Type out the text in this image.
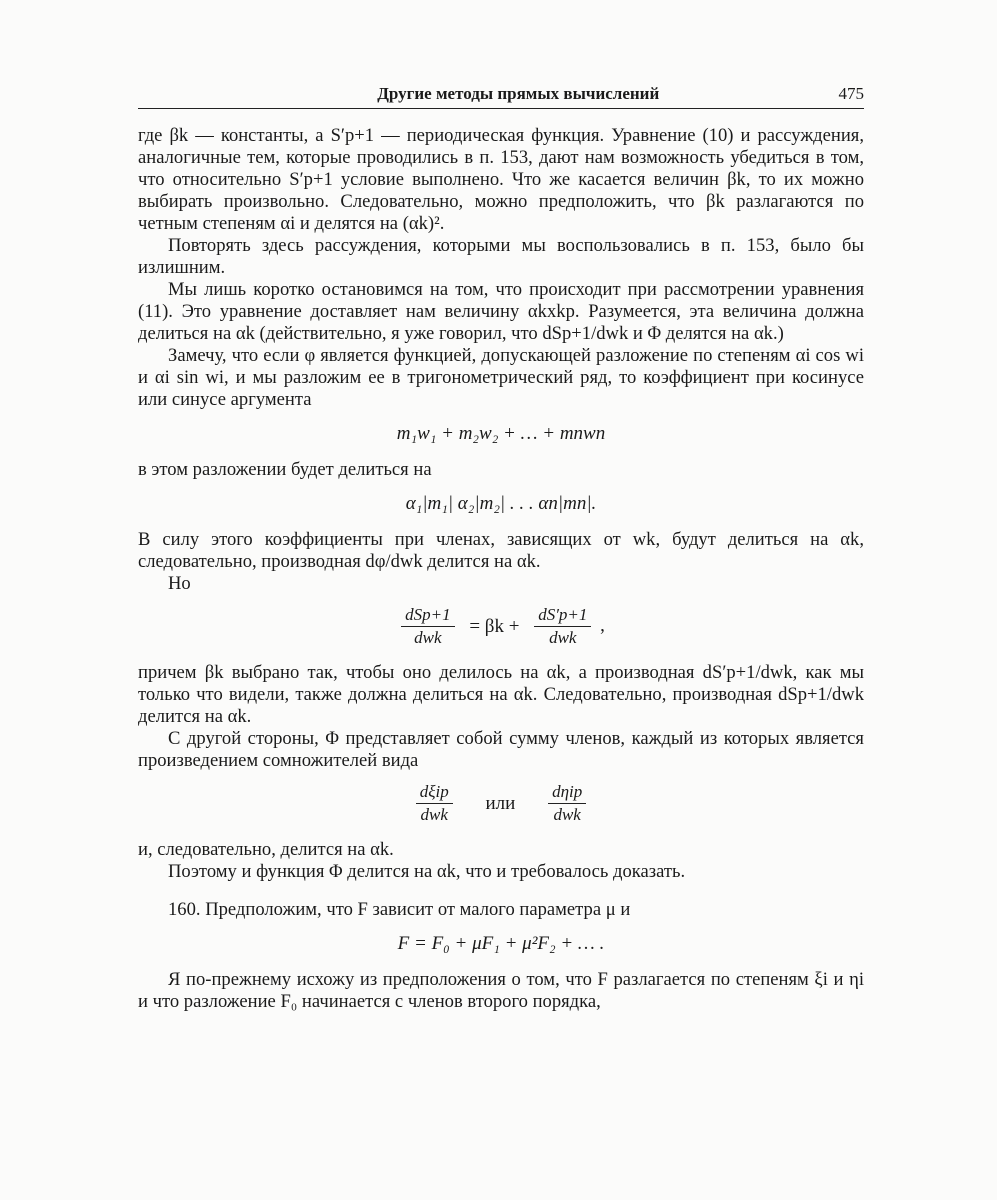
Другие методы прямых вычислений	475

где βk — константы, а S′p+1 — периодическая функция. Уравнение (10) и рассуждения, аналогичные тем, которые проводились в п. 153, дают нам возможность убедиться в том, что относительно S′p+1 условие выполнено. Что же касается величин βk, то их можно выбирать произвольно. Следовательно, можно предположить, что βk разлагаются по четным степеням αi и делятся на (αk)².

Повторять здесь рассуждения, которыми мы воспользовались в п. 153, было бы излишним.

Мы лишь коротко остановимся на том, что происходит при рассмотрении уравнения (11). Это уравнение доставляет нам величину αkxkp. Разумеется, эта величина должна делиться на αk (действительно, я уже говорил, что dSp+1/dwk и Φ делятся на αk.)

Замечу, что если φ является функцией, допускающей разложение по степеням αi cos wi и αi sin wi, и мы разложим ее в тригонометрический ряд, то коэффициент при косинусе или синусе аргумента

m₁w₁ + m₂w₂ + … + mnwn

в этом разложении будет делиться на

α₁|m₁| α₂|m₂| . . . αn|mn|.

В силу этого коэффициенты при членах, зависящих от wk, будут делиться на αk, следовательно, производная dφ/dwk делится на αk.

Но

$\frac{\text{dSp+1}}{\text{dwk}} = \beta k + \frac{dS'p+1}{\text{dwk}}$ ,

причем βk выбрано так, чтобы оно делилось на αk, а производная dS′p+1/dwk, как мы только что видели, также должна делиться на αk. Следовательно, производная dSp+1/dwk делится на αk.

С другой стороны, Φ представляет собой сумму членов, каждый из которых является произведением сомножителей вида

$\frac{\text{dξip}}{\text{dwk}}$ или $\frac{\text{dηip}}{\text{dwk}}$

и, следовательно, делится на αk.

Поэтому и функция Φ делится на αk, что и требовалось доказать.

160. Предположим, что F зависит от малого параметра μ и

F = F₀ + μF₁ + μ²F₂ + … .

Я по-прежнему исхожу из предположения о том, что F разлагается по степеням ξi и ηi и что разложение F₀ начинается с членов второго порядка,
